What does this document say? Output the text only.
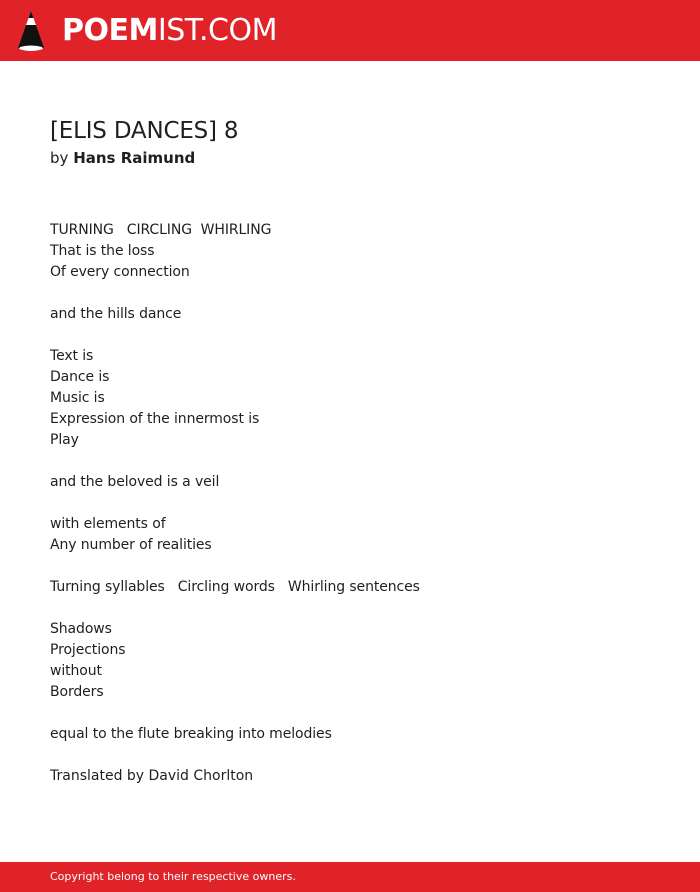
POEMIST.COM
[ELIS DANCES] 8

by Hans Raimund

TURNING   CIRCLING  WHIRLING
That is the loss
Of every connection
and the hills dance
Text is
Dance is
Music is
Expression of the innermost is
Play
and the beloved is a veil
with elements of
Any number of realities
Turning syllables   Circling words   Whirling sentences
Shadows
Projections
without
Borders
equal to the flute breaking into melodies
Translated by David Chorlton
Copyright belong to their respective owners.
